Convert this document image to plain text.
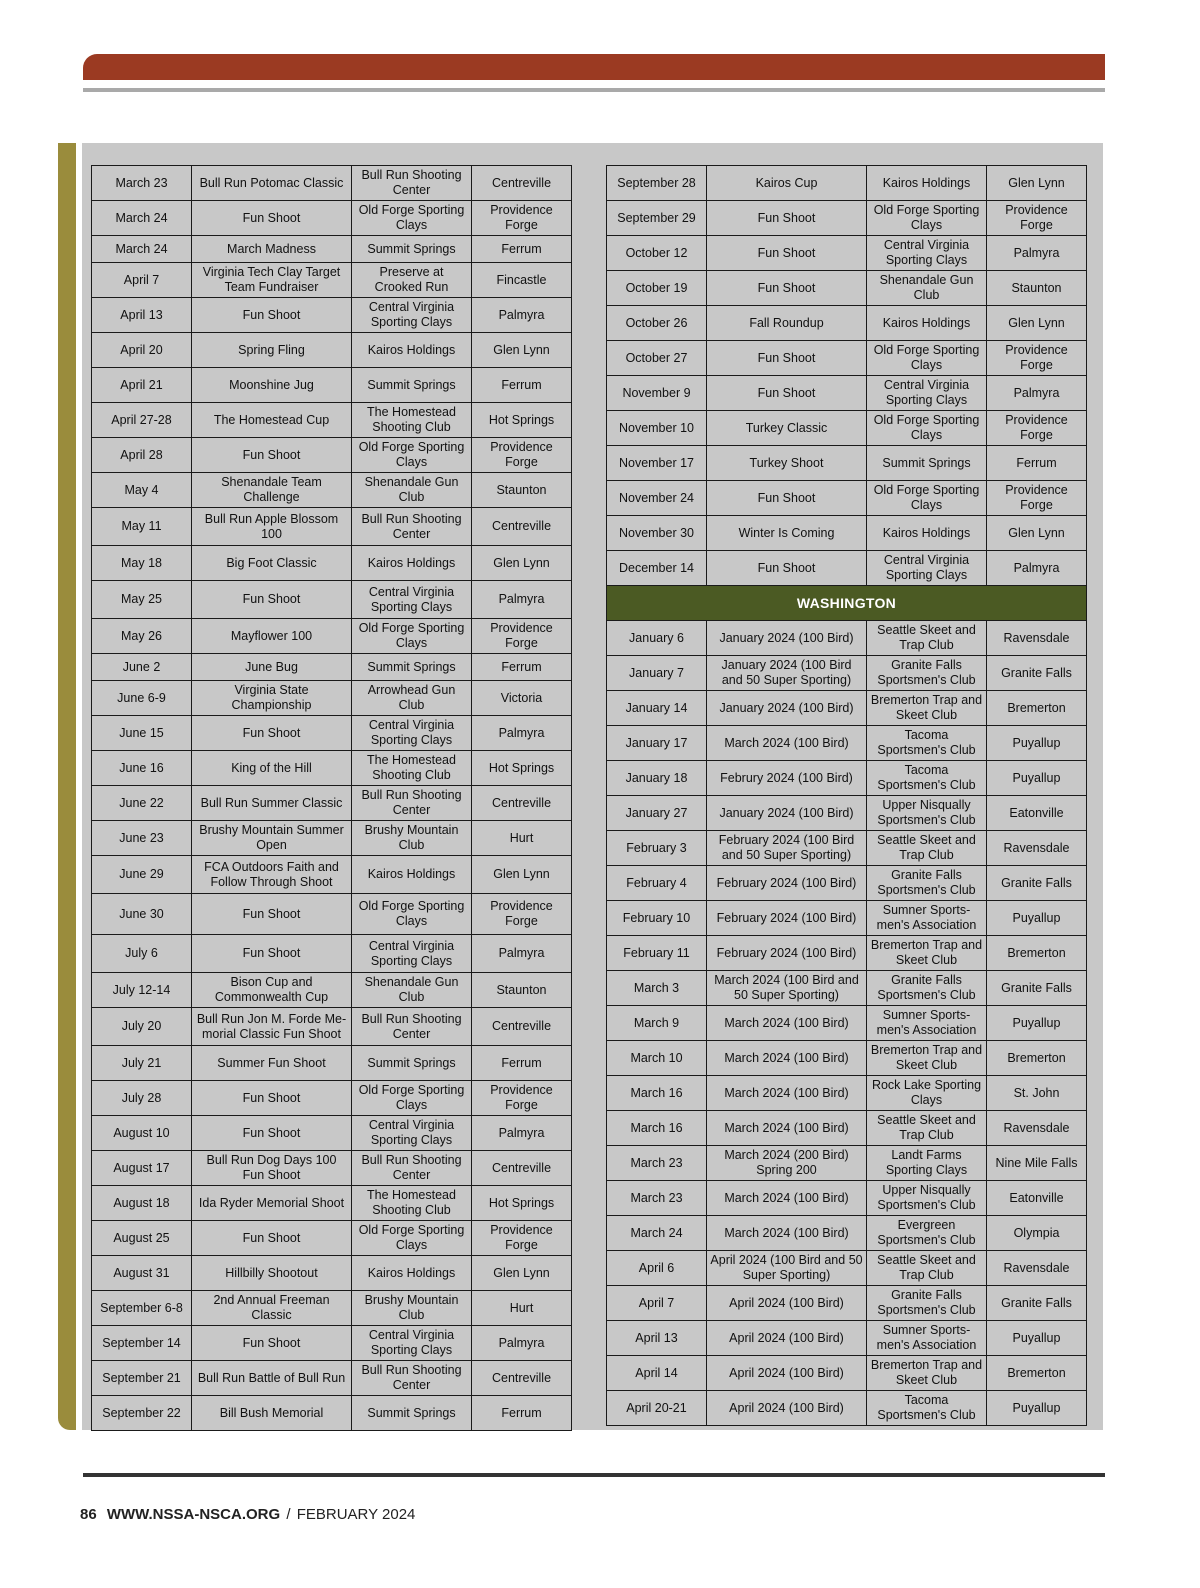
March 23	Bull Run Potomac Classic	Bull Run Shooting Center	Centreville
March 24	Fun Shoot	Old Forge Sporting Clays	Providence Forge
March 24	March Madness	Summit Springs	Ferrum
April 7	Virginia Tech Clay Target Team Fundraiser	Preserve at Crooked Run	Fincastle
April 13	Fun Shoot	Central Virginia Sporting Clays	Palmyra
April 20	Spring Fling	Kairos Holdings	Glen Lynn
April 21	Moonshine Jug	Summit Springs	Ferrum
April 27-28	The Homestead Cup	The Homestead Shooting Club	Hot Springs
April 28	Fun Shoot	Old Forge Sporting Clays	Providence Forge
May 4	Shenandale Team Challenge	Shenandale Gun Club	Staunton
May 11	Bull Run Apple Blossom 100	Bull Run Shooting Center	Centreville
May 18	Big Foot Classic	Kairos Holdings	Glen Lynn
May 25	Fun Shoot	Central Virginia Sporting Clays	Palmyra
May 26	Mayflower 100	Old Forge Sporting Clays	Providence Forge
June 2	June Bug	Summit Springs	Ferrum
June 6-9	Virginia State Championship	Arrowhead Gun Club	Victoria
June 15	Fun Shoot	Central Virginia Sporting Clays	Palmyra
June 16	King of the Hill	The Homestead Shooting Club	Hot Springs
June 22	Bull Run Summer Classic	Bull Run Shooting Center	Centreville
June 23	Brushy Mountain Summer Open	Brushy Mountain Club	Hurt
June 29	FCA Outdoors Faith and Follow Through Shoot	Kairos Holdings	Glen Lynn
June 30	Fun Shoot	Old Forge Sporting Clays	Providence Forge
July 6	Fun Shoot	Central Virginia Sporting Clays	Palmyra
July 12-14	Bison Cup and Commonwealth Cup	Shenandale Gun Club	Staunton
July 20	Bull Run Jon M. Forde Me-morial Classic Fun Shoot	Bull Run Shooting Center	Centreville
July 21	Summer Fun Shoot	Summit Springs	Ferrum
July 28	Fun Shoot	Old Forge Sporting Clays	Providence Forge
August 10	Fun Shoot	Central Virginia Sporting Clays	Palmyra
August 17	Bull Run Dog Days 100 Fun Shoot	Bull Run Shooting Center	Centreville
August 18	Ida Ryder Memorial Shoot	The Homestead Shooting Club	Hot Springs
August 25	Fun Shoot	Old Forge Sporting Clays	Providence Forge
August 31	Hillbilly Shootout	Kairos Holdings	Glen Lynn
September 6-8	2nd Annual Freeman Classic	Brushy Mountain Club	Hurt
September 14	Fun Shoot	Central Virginia Sporting Clays	Palmyra
September 21	Bull Run Battle of Bull Run	Bull Run Shooting Center	Centreville
September 22	Bill Bush Memorial	Summit Springs	Ferrum
September 28	Kairos Cup	Kairos Holdings	Glen Lynn
September 29	Fun Shoot	Old Forge Sporting Clays	Providence Forge
October 12	Fun Shoot	Central Virginia Sporting Clays	Palmyra
October 19	Fun Shoot	Shenandale Gun Club	Staunton
October 26	Fall Roundup	Kairos Holdings	Glen Lynn
October 27	Fun Shoot	Old Forge Sporting Clays	Providence Forge
November 9	Fun Shoot	Central Virginia Sporting Clays	Palmyra
November 10	Turkey Classic	Old Forge Sporting Clays	Providence Forge
November 17	Turkey Shoot	Summit Springs	Ferrum
November 24	Fun Shoot	Old Forge Sporting Clays	Providence Forge
November 30	Winter Is Coming	Kairos Holdings	Glen Lynn
December 14	Fun Shoot	Central Virginia Sporting Clays	Palmyra
WASHINGTON			
January 6	January 2024 (100 Bird)	Seattle Skeet and Trap Club	Ravensdale
January 7	January 2024 (100 Bird and 50 Super Sporting)	Granite Falls Sportsmen's Club	Granite Falls
January 14	January 2024 (100 Bird)	Bremerton Trap and Skeet Club	Bremerton
January 17	March 2024 (100 Bird)	Tacoma Sportsmen's Club	Puyallup
January 18	Februry 2024 (100 Bird)	Tacoma Sportsmen's Club	Puyallup
January 27	January 2024 (100 Bird)	Upper Nisqually Sportsmen's Club	Eatonville
February 3	February 2024 (100 Bird and 50 Super Sporting)	Seattle Skeet and Trap Club	Ravensdale
February 4	February 2024 (100 Bird)	Granite Falls Sportsmen's Club	Granite Falls
February 10	February 2024 (100 Bird)	Sumner Sports-men's Association	Puyallup
February 11	February 2024 (100 Bird)	Bremerton Trap and Skeet Club	Bremerton
March 3	March 2024 (100 Bird and 50 Super Sporting)	Granite Falls Sportsmen's Club	Granite Falls
March 9	March 2024 (100 Bird)	Sumner Sports-men's Association	Puyallup
March 10	March 2024 (100 Bird)	Bremerton Trap and Skeet Club	Bremerton
March 16	March 2024 (100 Bird)	Rock Lake Sporting Clays	St. John
March 16	March 2024 (100 Bird)	Seattle Skeet and Trap Club	Ravensdale
March 23	March 2024 (200 Bird) Spring 200	Landt Farms Sporting Clays	Nine Mile Falls
March 23	March 2024 (100 Bird)	Upper Nisqually Sportsmen's Club	Eatonville
March 24	March 2024 (100 Bird)	Evergreen Sportsmen's Club	Olympia
April 6	April 2024 (100 Bird and 50 Super Sporting)	Seattle Skeet and Trap Club	Ravensdale
April 7	April 2024 (100 Bird)	Granite Falls Sportsmen's Club	Granite Falls
April 13	April 2024 (100 Bird)	Sumner Sports-men's Association	Puyallup
April 14	April 2024 (100 Bird)	Bremerton Trap and Skeet Club	Bremerton
April 20-21	April 2024 (100 Bird)	Tacoma Sportsmen's Club	Puyallup
86 WWW.NSSA-NSCA.ORG / FEBRUARY 2024
